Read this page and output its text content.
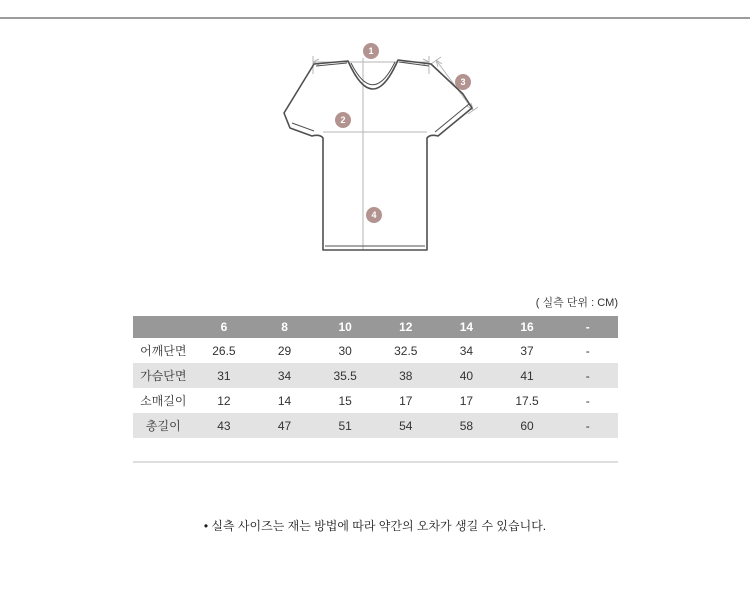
1
2
3
4
( 실측 단위 : CM)
	6	8	10	12	14	16	-
어깨단면	26.5	29	30	32.5	34	37	-
가슴단면	31	34	35.5	38	40	41	-
소매길이	12	14	15	17	17	17.5	-
총길이	43	47	51	54	58	60	-
• 실측 사이즈는 재는 방법에 따라 약간의 오차가 생길 수 있습니다.
